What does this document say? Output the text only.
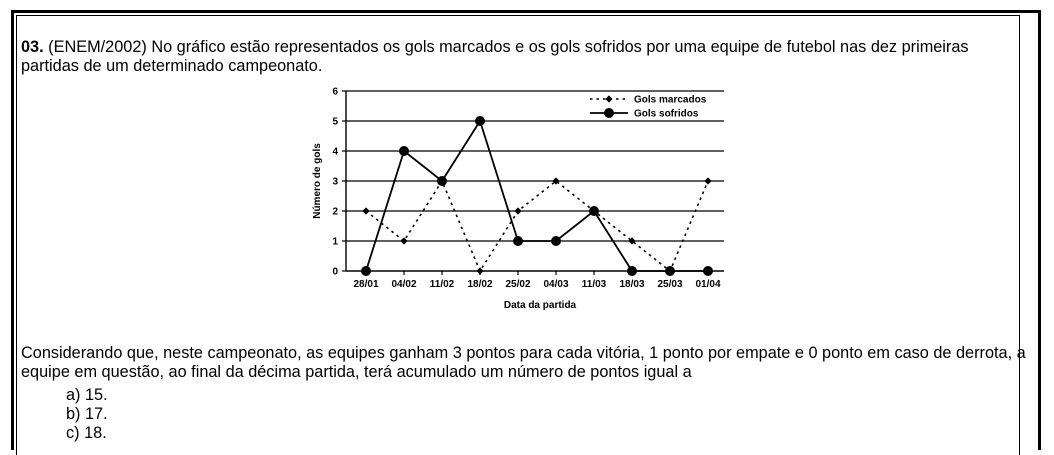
03. (ENEM/2002) No gráfico estão representados os gols marcados e os gols sofridos por uma equipe de futebol nas dez primeiras partidas de um determinado campeonato.
0
1
2
3
4
5
6
28/01 04/02 11/02 18/02 25/02 04/03 11/03 18/03 25/03 01/04
Data da partida
Número de gols
Gols marcados
Gols sofridos
Considerando que, neste campeonato, as equipes ganham 3 pontos para cada vitória, 1 ponto por empate e 0 ponto em caso de derrota, a equipe em questão, ao final da décima partida, terá acumulado um número de pontos igual a
a) 15.
b) 17.
c) 18.
